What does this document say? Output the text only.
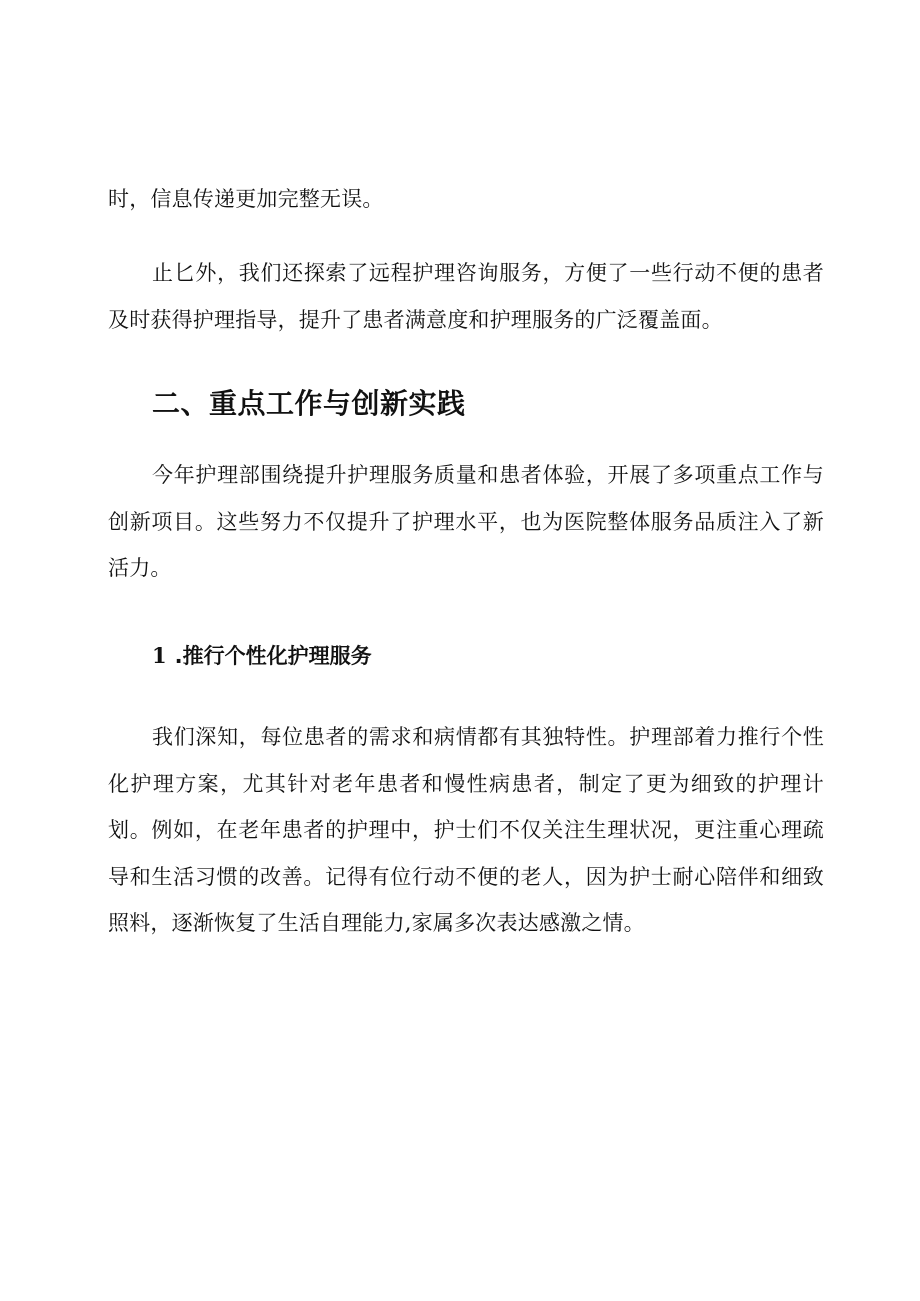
时，信息传递更加完整无误。

止匕外，我们还探索了远程护理咨询服务，方便了一些行动不便的患者及时获得护理指导，提升了患者满意度和护理服务的广泛覆盖面。

二、重点工作与创新实践

今年护理部围绕提升护理服务质量和患者体验，开展了多项重点工作与创新项目。这些努力不仅提升了护理水平，也为医院整体服务品质注入了新活力。

1 .推行个性化护理服务

我们深知，每位患者的需求和病情都有其独特性。护理部着力推行个性化护理方案，尤其针对老年患者和慢性病患者，制定了更为细致的护理计划。例如，在老年患者的护理中，护士们不仅关注生理状况，更注重心理疏导和生活习惯的改善。记得有位行动不便的老人，因为护士耐心陪伴和细致照料，逐渐恢复了生活自理能力,家属多次表达感激之情。
